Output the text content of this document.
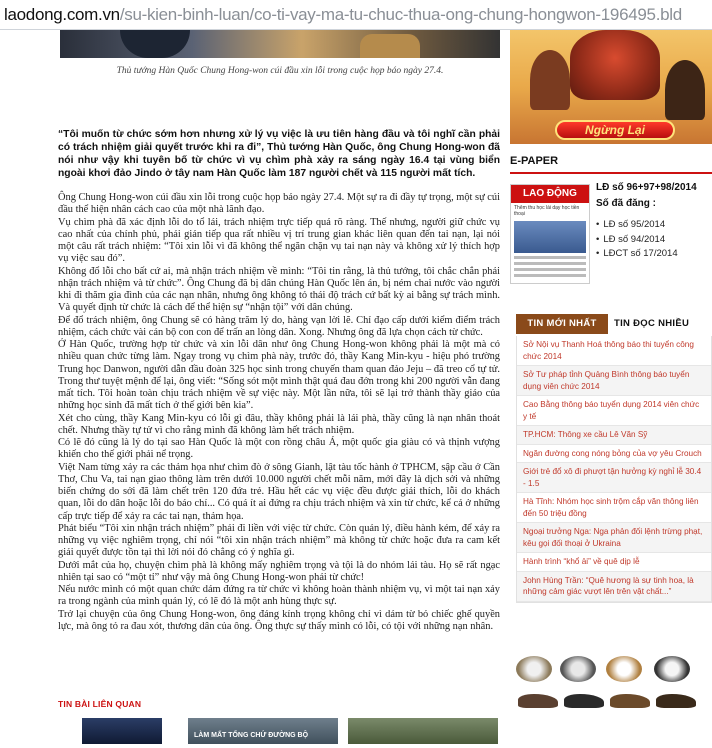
laodong.com.vn /su-kien-binh-luan/co-ti-vay-ma-tu-chuc-thua-ong-chung-hongwon-196495.bld
Thủ tướng Hàn Quốc Chung Hong-won cúi đầu xin lỗi trong cuộc họp báo ngày 27.4.
“Tôi muốn từ chức sớm hơn nhưng xử lý vụ việc là ưu tiên hàng đầu và tôi nghĩ cần phải có trách nhiệm giải quyết trước khi ra đi”, Thủ tướng Hàn Quốc, ông Chung Hong-won đã nói như vậy khi tuyên bố từ chức vì vụ chìm phà xảy ra sáng ngày 16.4 tại vùng biển ngoài khơi đảo Jindo ở tây nam Hàn Quốc làm 187 người chết và 115 người mất tích.

Ông Chung Hong-won cúi đầu xin lỗi trong cuộc họp báo ngày 27.4. Một sự ra đi đầy tự trọng, một sự cúi đầu thể hiện nhân cách cao của một nhà lãnh đạo.

Vụ chìm phà đã xác định lỗi do tổ lái, trách nhiệm trực tiếp quá rõ ràng. Thế nhưng, người giữ chức vụ cao nhất của chính phủ, phải gián tiếp qua rất nhiều vị trí trung gian khác liên quan đến tai nạn, lại nói một câu rất trách nhiệm: “Tôi xin lỗi vì đã không thể ngăn chặn vụ tai nạn này và không xử lý thích hợp vụ việc sau đó”.

Không đổ lỗi cho bất cứ ai, mà nhận trách nhiệm về mình: “Tôi tin rằng, là thủ tướng, tôi chắc chắn phải nhận trách nhiệm và từ chức”. Ông Chung đã bị dân chúng Hàn Quốc lên án, bị ném chai nước vào người khi đi thăm gia đình của các nạn nhân, nhưng ông không tỏ thái độ trách cứ bất kỳ ai bằng sự trách mình. Và quyết định từ chức là cách để thể hiện sự “nhận tội” với dân chúng.

Để đổ trách nhiệm, ông Chung sẽ có hàng trăm lý do, hàng vạn lời lẽ. Chỉ đạo cấp dưới kiểm điểm trách nhiệm, cách chức vài cán bộ con con để trấn an lòng dân. Xong. Nhưng ông đã lựa chọn cách từ chức.

Ở Hàn Quốc, trường hợp từ chức và xin lỗi dân như ông Chung Hong-won không phải là một mà có nhiều quan chức từng làm. Ngay trong vụ chìm phà này, trước đó, thầy Kang Min-kyu - hiệu phó trường Trung học Danwon, người dẫn đầu đoàn 325 học sinh trong chuyến tham quan đảo Jeju – đã treo cổ tự tử. Trong thư tuyệt mệnh để lại, ông viết: “Sống sót một mình thật quá đau đớn trong khi 200 người vẫn đang mất tích. Tôi hoàn toàn chịu trách nhiệm về sự việc này. Một lần nữa, tôi sẽ lại trở thành thầy giáo của những học sinh đã mất tích ở thế giới bên kia”.

Xét cho cùng, thầy Kang Min-kyu có lỗi gì đâu, thầy không phải là lái phà, thầy cũng là nạn nhân thoát chết. Nhưng thầy tự tử vì cho rằng mình đã không làm hết trách nhiệm.

Có lẽ đó cũng là lý do tại sao Hàn Quốc là một con rồng châu Á, một quốc gia giàu có và thịnh vượng khiến cho thế giới phải nể trọng.

Việt Nam từng xảy ra các thảm họa như chìm đò ở sông Gianh, lật tàu tốc hành ở TPHCM, sập cầu ở Cần Thơ, Chu Va, tai nạn giao thông làm trên dưới 10.000 người chết mỗi năm, mới đây là dịch sởi và những biến chứng do sởi đã làm chết trên 120 đứa trẻ. Hầu hết các vụ việc đều được giải thích, lỗi do khách quan, lỗi do dân hoặc lỗi do báo chí... Có quá ít ai đứng ra chịu trách nhiệm và xin từ chức, kể cả ở những cấp trực tiếp để xảy ra các tai nạn, thảm họa.

Phát biểu “Tôi xin nhận trách nhiệm” phải đi liền với việc từ chức. Còn quản lý, điều hành kém, để xảy ra những vụ việc nghiêm trọng, chỉ nói “tôi xin nhận trách nhiệm” mà không từ chức hoặc đưa ra cam kết giải quyết được tồn tại thì lời nói đó chẳng có ý nghĩa gì.

Dưới mắt của họ, chuyện chìm phà là không mấy nghiêm trọng và tội là do nhóm lái tàu. Họ sẽ rất ngạc nhiên tại sao có “một tỉ” như vậy mà ông Chung Hong-won phải từ chức!

Nếu nước mình có một quan chức dám đứng ra từ chức vì không hoàn thành nhiệm vụ, vì một tai nạn xảy ra trong ngành của mình quản lý, có lẽ đó là một anh hùng thực sự.

Trở lại chuyện của ông Chung Hong-won, ông đáng kính trọng không chỉ vì dám từ bỏ chiếc ghế quyền lực, mà ông tỏ ra đau xót, thương dân của ông. Ông thực sự thấy mình có lỗi, có tội với những nạn nhân.

TIN BÀI LIÊN QUAN
LÀM MẤT TỔNG CHỨ ĐƯỜNG BỘ
Ngừng Lại
E-PAPER
LAO ĐỘNG
Thêm thu học lái dạy học tiền thoại
LĐ số 96+97+98/2014
Số đã đăng :
• LĐ số 95/2014
• LĐ số 94/2014
• LĐCT số 17/2014
TIN MỚI NHẤT	TIN ĐỌC NHIỀU
Sở Nội vụ Thanh Hoá thông báo thi tuyển công chức 2014
Sở Tư pháp tỉnh Quảng Bình thông báo tuyển dụng viên chức 2014
Cao Bằng thông báo tuyển dụng 2014 viên chức y tế
TP.HCM: Thông xe cầu Lê Văn Sỹ
Ngăn đường cong nóng bỏng của vợ yêu Crouch
Giới trẻ đổ xô đi phượt tận hưởng kỳ nghỉ lễ 30.4 - 1.5
Hà Tĩnh: Nhóm học sinh trộm cắp văn thông liên đến 50 triệu đồng
Ngoại trưởng Nga: Nga phản đối lệnh trừng phạt, kêu gọi đối thoại ở Ukraina
Hành trình “khổ ải” về quê dịp lễ
John Hùng Trần: “Quê hương là sự tinh hoa, là những cảm giác vượt lên trên vật chất...”
